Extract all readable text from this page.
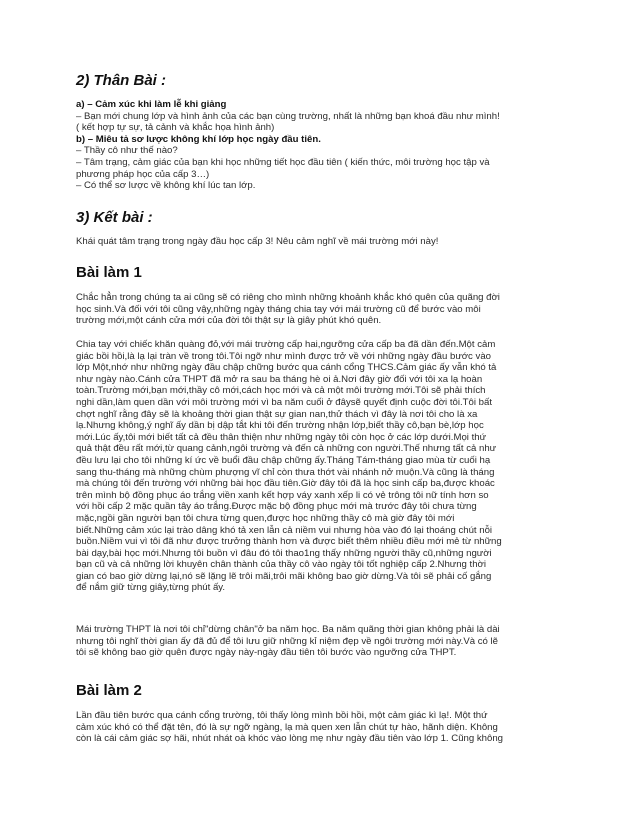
2) Thân Bài :

a) – Cảm xúc khi làm lễ khi giảng

– Bạn mới chung lớp và hình ảnh của các bạn cùng trường, nhất là những bạn khoá đầu như mình!

( kết hợp tự sự, tả cảnh và khắc họa hình ảnh)

b) – Miêu tả sơ lược không khí lớp học ngày đầu tiên.

– Thầy cô như thế nào?

– Tâm trạng, cảm giác của bạn khi học những tiết học đầu tiên ( kiến thức, môi trường học tập và
phương pháp học của cấp 3…)

– Có thể sơ lược về không khí lúc tan lớp.

3) Kết bài :

Khái quát tâm trạng trong ngày đầu học cấp 3! Nêu cảm nghĩ về mái trường mới này!

Bài làm 1

Chắc hẳn trong chúng ta ai cũng sẽ có riêng cho mình những khoảnh khắc khó quên của quãng đời
học sinh.Và đối với tôi cũng vậy,những ngày tháng chia tay với mái trường cũ để bước vào môi
trường mới,một cánh cửa mới của đời tôi thật sự là giây phút khó quên.

Chia tay với chiếc khăn quàng đỏ,với mái trường cấp hai,ngưỡng cửa cấp ba đã dần đến.Một cảm
giác bồi hồi,là lạ lại tràn về trong tôi.Tôi ngỡ như mình được trở về với những ngày đầu bước vào
lớp Một,nhớ như những ngày đầu chập chững bước qua cánh cổng THCS.Cảm giác ấy vẫn khó tả
như ngày nào.Cánh cửa THPT đã mở ra sau ba tháng hè oi ả.Nơi đây giờ đối với tôi xa lạ hoàn
toàn.Trường mới,bạn mới,thầy cô mới,cách học mới và cả một môi trường mới.Tôi sẽ phải thích
nghi dần,làm quen dần với môi trường mới vì ba năm cuối ở đâysẽ quyết định cuộc đời tôi.Tôi bất
chợt nghĩ rằng đây sẽ là khoảng thời gian thật sự gian nan,thử thách vì đây là nơi tôi cho là xa
lạ.Nhưng không,ý nghĩ ấy dần bị dập tắt khi tôi đến trường nhận lớp,biết thầy cô,bạn bè,lớp học
mới.Lúc ấy,tôi mới biết tất cả đều thân thiện như những ngày tôi còn học ở các lớp dưới.Mọi thứ
quả thật đều rất mới,từ quang cảnh,ngôi trường và đến cả những con người.Thế nhưng tất cả như
đều lưu lại cho tôi những kí ức về buổi đầu chập chững ấy.Tháng Tám-tháng giao mùa từ cuối hạ
sang thu-tháng mà những chùm phượng vĩ chỉ còn thưa thớt vài nhánh nở muộn.Và cũng là tháng
mà chúng tôi đến trường với những bài học đầu tiên.Giờ đây tôi đã là học sinh cấp ba,được khoác
trên mình bộ đồng phục áo trắng viền xanh kết hợp váy xanh xếp li có vẻ trông tôi nữ tính hơn so
với hồi cấp 2 mặc quần tây áo trắng.Được mặc bộ đồng phục mới mà trước đây tôi chưa từng
mặc,ngồi gần người bạn tôi chưa từng quen,được học những thầy cô mà giờ đây tôi mới
biết.Những cảm xúc lại trào dâng khó tả xen lẫn cả niềm vui nhưng hòa vào đó lại thoáng chút nỗi
buồn.Niềm vui vì tôi đã như được trưởng thành hơn và được biết thêm nhiều điều mới mẻ từ những
bài dạy,bài học mới.Nhưng tôi buồn vì đâu đó tôi thao1ng thấy những người thầy cũ,những người
bạn cũ và cả những lời khuyên chân thành của thầy cô vào ngày tôi tốt nghiệp cấp 2.Nhưng thời
gian có bao giờ dừng lại,nó sẽ lặng lẽ trôi mãi,trôi mãi không bao giờ dừng.Và tôi sẽ phải cố gắng
để nắm giữ từng giây,từng phút ấy.

Mái trường THPT là nơi tôi chỉ"dừng chân"ở ba năm học. Ba năm quãng thời gian không phải là dài
nhưng tôi nghĩ thời gian ấy đã đủ để tôi lưu giữ những kỉ niệm đẹp về ngôi trường mới này.Và có lẽ
tôi sẽ không bao giờ quên được ngày này-ngày đầu tiên tôi bước vào ngưỡng cửa THPT.

Bài làm 2

Lần đầu tiên bước qua cánh cổng trường, tôi thấy lòng mình bồi hồi, một cảm giác kì lạ!. Một thứ
cảm xúc khó có thể đặt tên, đó là sự ngỡ ngàng, lạ mà quen xen lẫn chút tự hào, hãnh diện. Không
còn là cái cảm giác sợ hãi, nhút nhát oà khóc vào lòng mẹ như ngày đầu tiên vào lớp 1. Cũng không
